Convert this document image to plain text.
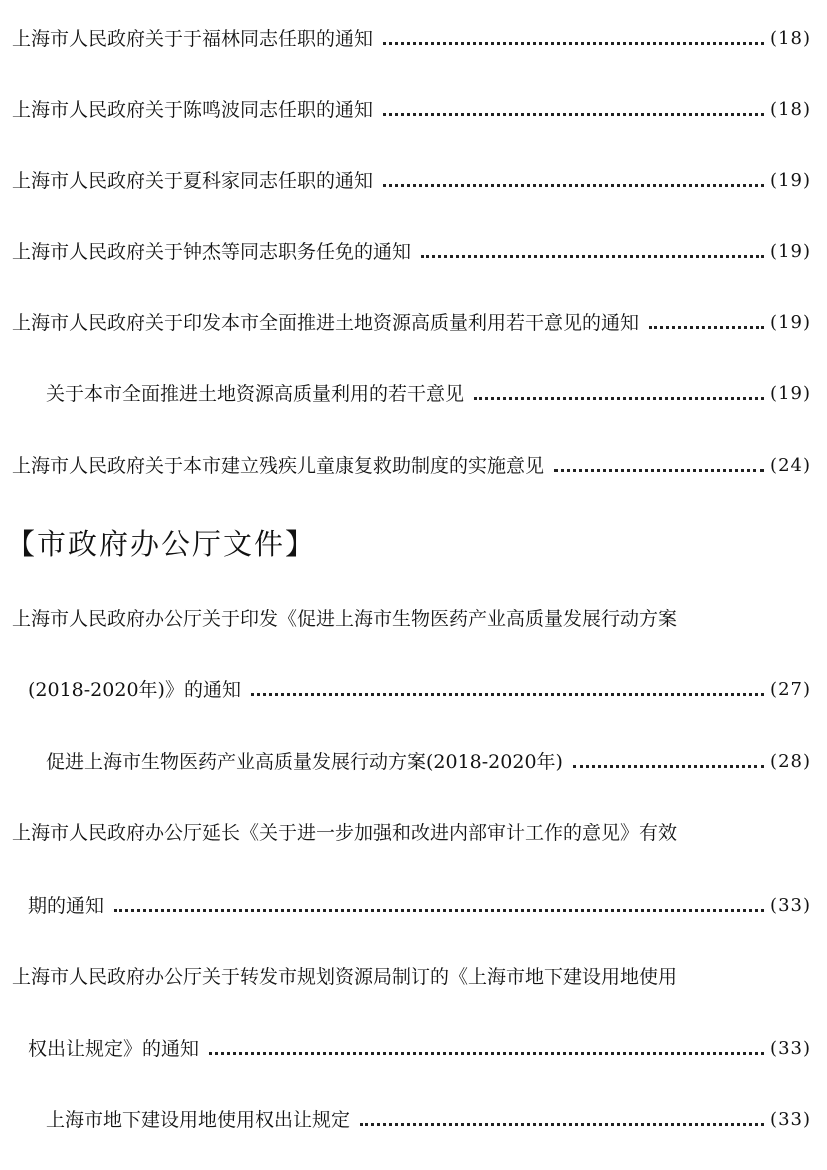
上海市人民政府关于于福林同志任职的通知	(18)
上海市人民政府关于陈鸣波同志任职的通知	(18)
上海市人民政府关于夏科家同志任职的通知	(19)
上海市人民政府关于钟杰等同志职务任免的通知	(19)
上海市人民政府关于印发本市全面推进土地资源高质量利用若干意见的通知	(19)
关于本市全面推进土地资源高质量利用的若干意见	(19)
上海市人民政府关于本市建立残疾儿童康复救助制度的实施意见	(24)
【市政府办公厅文件】
上海市人民政府办公厅关于印发《促进上海市生物医药产业高质量发展行动方案
(2018-2020年)》的通知	(27)
促进上海市生物医药产业高质量发展行动方案(2018-2020年)	(28)
上海市人民政府办公厅延长《关于进一步加强和改进内部审计工作的意见》有效
期的通知	(33)
上海市人民政府办公厅关于转发市规划资源局制订的《上海市地下建设用地使用
权出让规定》的通知	(33)
上海市地下建设用地使用权出让规定	(33)
